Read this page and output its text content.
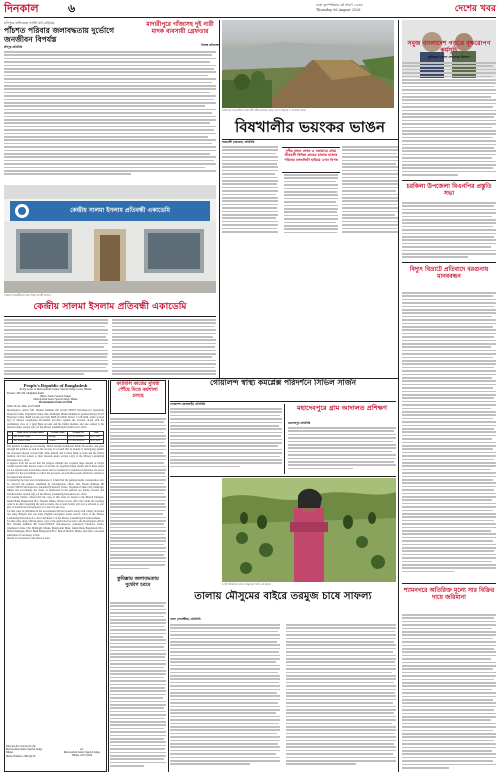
দিনকাল	৬	ঢাকা বৃহস্পতিবার ৬ই শ্রাবণ ১৪৩৩
Thursday 06 August 2026	দেশের খবর
চাঁদপুরে তলিয়েছে ফসলি মাঠ বাড়িঘর
পাঁচশত পরিবার জলাবদ্ধতায় দুর্ভোগে জনজীবন বিপর্যস্ত
চাঁদপুর প্রতিনিধি
মাদারীপুরে গাঁজাসহ দুই নারী মাদক ব্যবসায়ী গ্রেফতার
নিজস্ব প্রতিবেদক
বরগুনার আমতলীতে বিষখালী নদীর ভাঙনে বেড়ে গেছে বাড়িঘর ও ফসলের জমি।
বিষখালীর ভয়ংকর ভাঙন
আমতলী (বরগুনা) প্রতিনিধি
নদীর প্রবল স্রোত ও জোয়ারে গ্রামে তীরবর্তী বিভিন্ন গ্রামের হাজার হাজার পরিবার বসতভিটা হারিয়ে এখন বিপন্ন
সবুজ বাংলাদেশ গড়তে বৃক্ষরোপণ কর্মসূচি
কুড়িগ্রামে জেলা প্রশাসনের উদ্যোগ
চরকিলা উপজেলা বিএনপির প্রস্তুতি সভা
বিদ্যুৎ বিভ্রাটে প্রতিবাদে বরগুনায় মানববন্ধন
শ্যামনগরে অতিরিক্ত মূল্যে সার বিক্রির দায়ে জরিমানা
কেন্দ্রীয় সালমা ইসলাম প্রতিবন্ধী একাডেমি
সাভারে শিক্ষার্থীদের মাঝে শিক্ষা সামগ্রী বিতরণ
কেন্দ্রীয় সালমা ইসলাম প্রতিবন্ধী একাডেমি
ফ্যামিলি কার্ডের সুবিধা পৌঁছে দিতে কর্মশালা চলছে
গোয়ালন্দ স্বাস্থ্য কমপ্লেক্স পরিদর্শনে সিভিল সার্জন
গোয়ালন্দ (রাজবাড়ী) প্রতিনিধি	মহাদেবপুরে গ্রাম আদালত প্রশিক্ষণ
মহাদেবপুর প্রতিনিধি
কুমিল্লায় জলাবদ্ধতায় দুর্ভোগ চরমে
People's Republic of Bangladesh
In the Court of Metropolitan Senior Special Judge Court, Dhaka
Present : Md. Md. Shahjahan Kabir
(Metro Senior Session Judge)
Metropolitan Senior Special Judge, Dhaka
Proclamation Order-01/2026
Order No-41, Date: 22-07-2026
Investigation officer Md. Nurunn Rahman IIP. no.92171993/9 Sub-Inspector (unarmed) Financial Crime, Organized Crime CID, Malibagh, Dhaka submitted a petition Money No.67 Financial Crime, BAB wrorld-ceon 8(3) BAB-II/1/2026, Dated: 17-06-2026, under section 4(2) of Money Laundering Prevention Act-2012 against the accused, along with the preliminary view of 4 (ten) Bank account and his family member and also related to his interests under section 14(1) of the Money Laundering Prevention Act, 2012.
No.	Name of the account holder	Account Name	Account No.	Date
1	Md. Mohin Uddin	Savings	0012-0310000181	20.07.2026
2	Md. Mohin Uddin	Current	0312-0210000162	20.07.2026
The petition is taken up for hearing. Heard learned Additional Public Prosecutor and gone through the petition as well as the records. It is found that an inquiry is undergoing against the aforesaid alleged accused Md. Sehe Ashrafi and 4 listed Bank account and his family member and also related to their interests under section 14(1) of the Money Laundering Prevention Act, 2012.
It appears from the record that the alleged offender has acquired huge amount of illegal wealth beyond their known source of income by adopting illegal means and if these assets are not attached and frozen these assets will be transferred or transferred and these are not be possible for the government to collect the proceeds. As such these assets should be ordered to be freezed and attached.
Considering the facts and circumstances, it is held that the petition merits consideration and. So allowed the petition submitted by Investigation officer Md. Nurun Rahman IIP no.92171993/9 Sub-Inspector (unarmed) Financial Crime, Organized Crime CID, Malibagh, Dhaka and accordingly the assets as mentioned in the petition are hereby freezed and attached under section 14(1) of the Money Laundering Prevention Act, 2012.
It is hereby further ordered that the copy of this order be issued to the Branch Manager, Islami Bank Bangladesh PLC, Branch Dhaka. Broker in the effect that while the freezing order is in effect regarding the said accounts, the account holder will not be allowed to sell, give or transfer the said property or to use it in any way.
Let this order be published in the Government Official Gazette along with widely circulated one daily Bengali and one daily English newspaper under section 14(3) of the Money Laundering Prevention Act, 2012 and Rules 5 of the Money Laundering Prevention Rules.
Let this order along with the photo copy of the application be sent to the Investigation officer Md. Nurunn Rahman IIP no.92171993/9 Sub-Inspector (unarmed) Financial Crime, Organized Crime CID, Malibagh, Dhaka, Bangladesh Bank, Islami Bank Bangladesh PLC, Branch Manager, Motor Bank Bangladesh PLC, Branch Branch, Dhaka, and other concerned authorities for necessary action.
Inform all concerned to the effect at once.
Directed & Corrected by me
Metropolitan Senior Special Judge,
Dhaka.
Memo Number: 2406 (4)/16
sd/-
Metropolitan Senior Special Judge,
Dhaka. 22.07.2026
গোটা টানেলের মাঝে তরমুজের সঙ্গে এক কৃষক।
তালায় মৌসুমের বাইরে তরমুজ চাষে সাফল্য
তালা (সাতক্ষীরা) প্রতিনিধি
